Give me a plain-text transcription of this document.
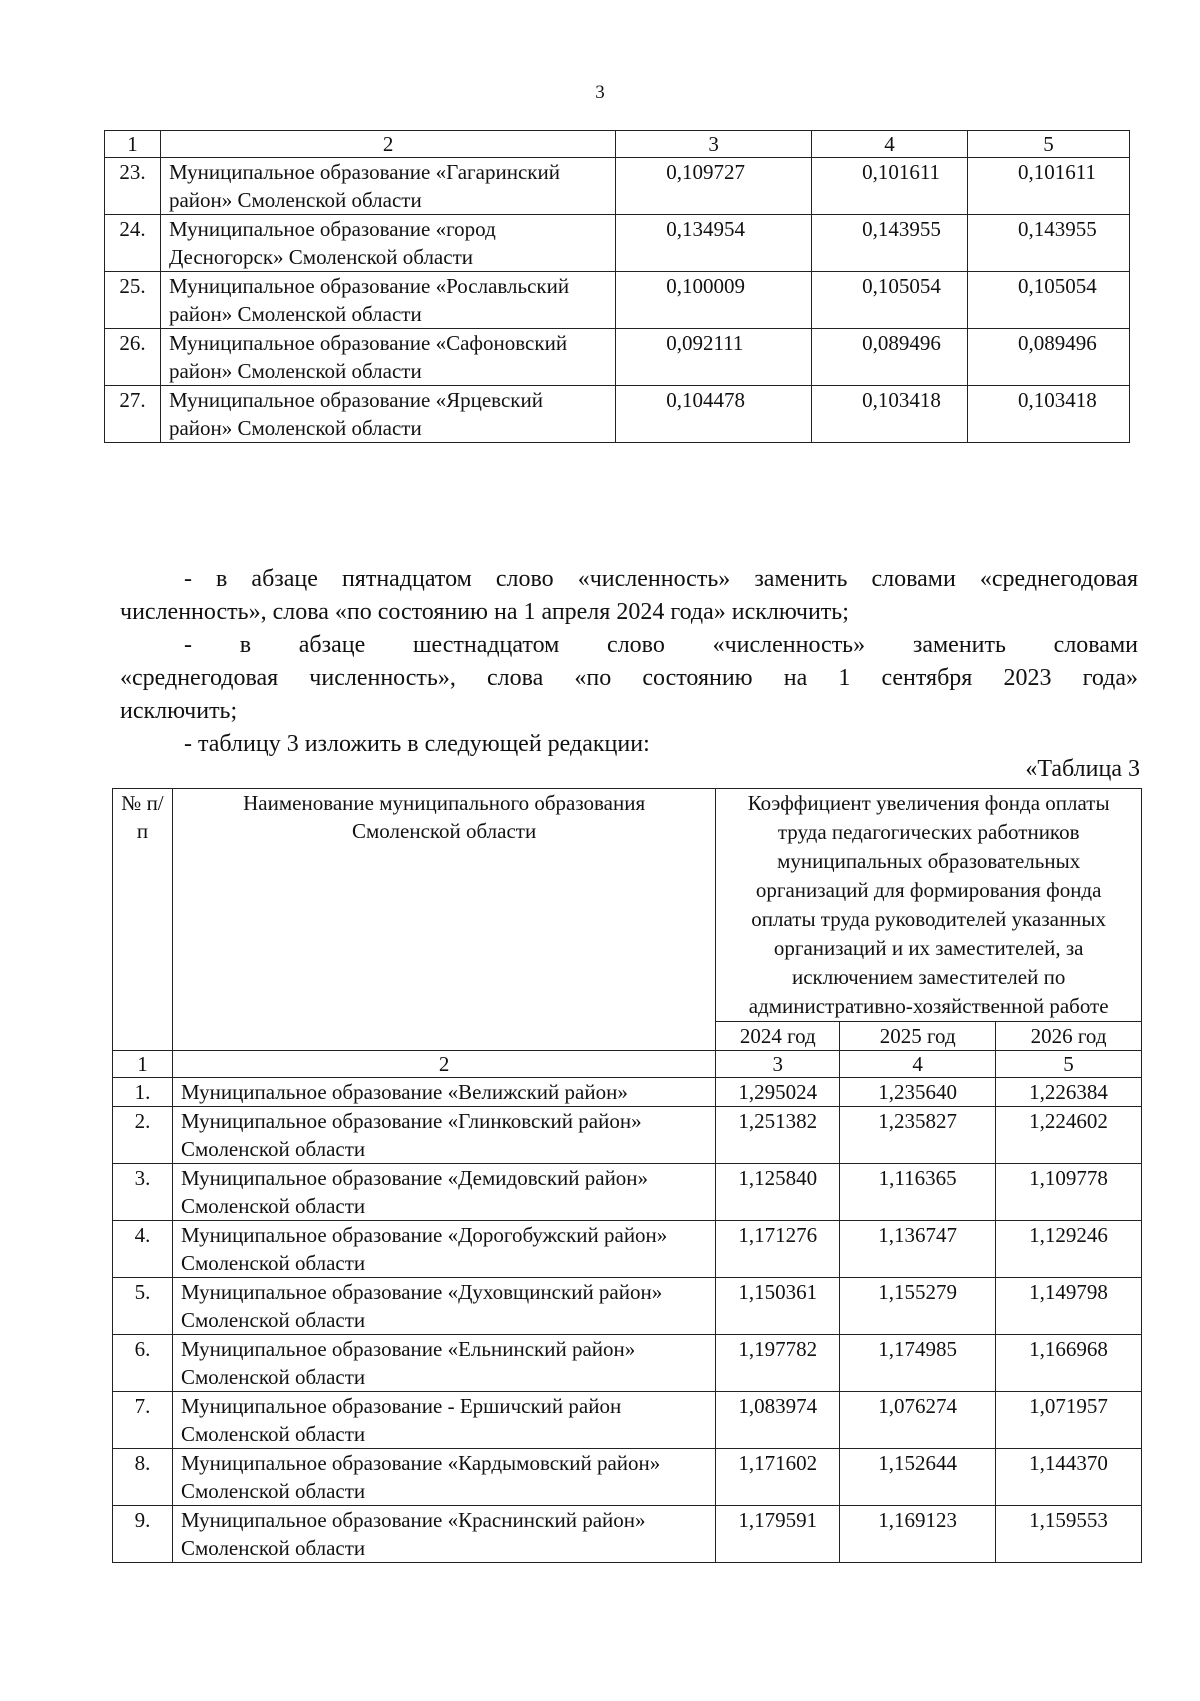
3
1	2	3	4	5
23.	Муниципальное образование «Гагаринский район» Смоленской области	0,109727	0,101611	0,101611
24.	Муниципальное образование «город Десногорск» Смоленской области	0,134954	0,143955	0,143955
25.	Муниципальное образование «Рославльский район» Смоленской области	0,100009	0,105054	0,105054
26.	Муниципальное образование «Сафоновский район» Смоленской области	0,092111	0,089496	0,089496
27.	Муниципальное образование «Ярцевский район» Смоленской области	0,104478	0,103418	0,103418
- в абзаце пятнадцатом слово «численность» заменить словами «среднегодовая
численность», слова «по состоянию на 1 апреля 2024 года» исключить;
- в абзаце шестнадцатом слово «численность» заменить словами
«среднегодовая численность», слова «по состоянию на 1 сентября 2023 года»
исключить;
- таблицу 3 изложить в следующей редакции:
«Таблица 3
№ п/п	Наименование муниципального образования Смоленской области	Коэффициент увеличения фонда оплаты труда педагогических работников муниципальных образовательных организаций для формирования фонда оплаты труда руководителей указанных организаций и их заместителей, за исключением заместителей по административно-хозяйственной работе		
		2024 год	2025 год	2026 год
1	2	3	4	5
1.	Муниципальное образование «Велижский район»	1,295024	1,235640	1,226384
2.	Муниципальное образование «Глинковский район» Смоленской области	1,251382	1,235827	1,224602
3.	Муниципальное образование «Демидовский район» Смоленской области	1,125840	1,116365	1,109778
4.	Муниципальное образование «Дорогобужский район» Смоленской области	1,171276	1,136747	1,129246
5.	Муниципальное образование «Духовщинский район» Смоленской области	1,150361	1,155279	1,149798
6.	Муниципальное образование «Ельнинский район» Смоленской области	1,197782	1,174985	1,166968
7.	Муниципальное образование - Ершичский район Смоленской области	1,083974	1,076274	1,071957
8.	Муниципальное образование «Кардымовский район» Смоленской области	1,171602	1,152644	1,144370
9.	Муниципальное образование «Краснинский район» Смоленской области	1,179591	1,169123	1,159553
